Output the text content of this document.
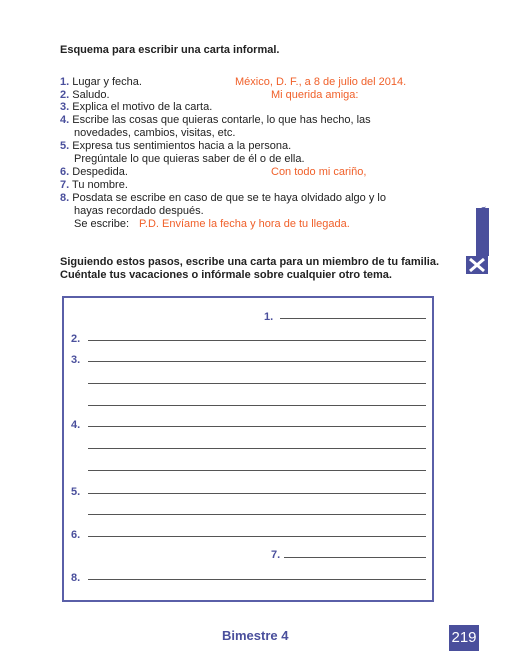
Esquema para escribir una carta informal.
1. Lugar y fecha.	México, D. F., a 8 de julio del 2014.
2. Saludo.	Mi querida amiga:
3. Explica el motivo de la carta.
4. Escribe las cosas que quieras contarle, lo que has hecho, las
novedades, cambios, visitas, etc.
5. Expresa tus sentimientos hacia a la persona.
Pregúntale lo que quieras saber de él o de ella.
6. Despedida.	Con todo mi cariño,
7. Tu nombre.
8. Posdata se escribe en caso de que se te haya olvidado algo y lo
hayas recordado después.
Se escribe: P.D. Envíame la fecha y hora de tu llegada.
Siguiendo estos pasos, escribe una carta para un miembro de tu familia.
Cuéntale tus vacaciones o infórmale sobre cualquier otro tema.
Hemeroteca
1.
2.
3.
4.
5.
6.
7.
8.
Bimestre 4	219
